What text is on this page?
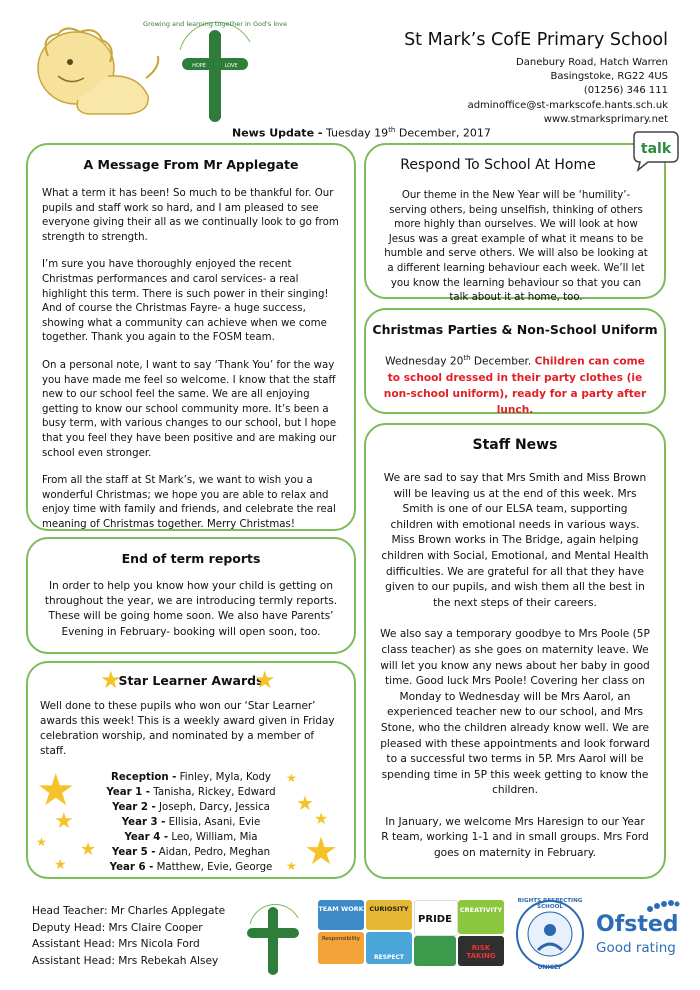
Growing and learning together in God's love
HOPE	LOVE
St Mark’s CofE Primary School
Danebury Road, Hatch Warren
Basingstoke, RG22 4US
(01256) 346 111
adminoffice@st-markscofe.hants.sch.uk
www.stmarksprimary.net
News Update - Tuesday 19th December, 2017
A Message From Mr Applegate

What a term it has been! So much to be thankful for. Our pupils and staff work so hard, and I am pleased to see everyone giving their all as we continually look to go from strength to strength.

I’m sure you have thoroughly enjoyed the recent Christmas performances and carol services- a real highlight this term. There is such power in their singing! And of course the Christmas Fayre- a huge success, showing what a community can achieve when we come together. Thank you again to the FOSM team.

On a personal note, I want to say ‘Thank You’ for the way you have made me feel so welcome. I know that the staff new to our school feel the same. We are all enjoying getting to know our school community more. It’s been a busy term, with various changes to our school, but I hope that you feel they have been positive and are making our school even stronger.

From all the staff at St Mark’s, we want to wish you a wonderful Christmas; we hope you are able to relax and enjoy time with family and friends, and celebrate the real meaning of Christmas together. Merry Christmas!

Respond To School At Home
Our theme in the New Year will be ‘humility’- serving others, being unselfish, thinking of others more highly than ourselves. We will look at how Jesus was a great example of what it means to be humble and serve others. We will also be looking at a different learning behaviour each week. We’ll let you know the learning behaviour so that you can talk about it at home, too.
talk
Christmas Parties & Non-School Uniform
Wednesday 20th December. Children can come to school dressed in their party clothes (ie non-school uniform), ready for a party after lunch.
Staff News

We are sad to say that Mrs Smith and Miss Brown will be leaving us at the end of this week. Mrs Smith is one of our ELSA team, supporting children with emotional needs in various ways. Miss Brown works in The Bridge, again helping children with Social, Emotional, and Mental Health difficulties. We are grateful for all that they have given to our pupils, and wish them all the best in the next steps of their careers.

We also say a temporary goodbye to Mrs Poole (5P class teacher) as she goes on maternity leave. We will let you know any news about her baby in good time. Good luck Mrs Poole! Covering her class on Monday to Wednesday will be Mrs Aarol, an experienced teacher new to our school, and Mrs Stone, who the children already know well. We are pleased with these appointments and look forward to a successful two terms in 5P. Mrs Aarol will be spending time in 5P this week getting to know the children.

In January, we welcome Mrs Haresign to our Year R team, working 1-1 and in small groups. Mrs Ford goes on maternity in February.

End of term reports
In order to help you know how your child is getting on throughout the year, we are introducing termly reports. These will be going home soon. We also have Parents’ Evening in February- booking will open soon, too.
★
Star Learner Awards
★
Well done to these pupils who won our ‘Star Learner’ awards this week! This is a weekly award given in Friday celebration worship, and nominated by a member of staff.
★
★
★ ★
★
★
★
★
★
★
Reception - Finley, Myla, Kody
Year 1 - Tanisha, Rickey, Edward
Year 2 - Joseph, Darcy, Jessica
Year 3 - Ellisia, Asani, Evie
Year 4 - Leo, William, Mia
Year 5 - Aidan, Pedro, Meghan
Year 6 - Matthew, Evie, George
Head Teacher: Mr Charles Applegate
Deputy Head: Mrs Claire Cooper
Assistant Head: Mrs Nicola Ford
Assistant Head: Mrs Rebekah Alsey
TEAM WORK CURIOSITY
PRIDE
CREATIVITY
Responsibility
RESPECT
RISK TAKING
RIGHTS RESPECTING SCHOOL
UNICEF
Ofsted
Good rating
